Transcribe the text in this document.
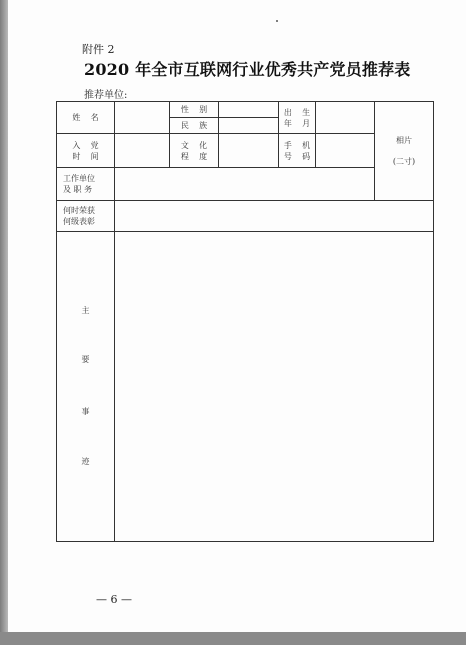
附件 2
2020 年全市互联网行业优秀共产党员推荐表
推荐单位:
姓    名
性    别
民    族
出    生
年    月
相片
(二寸)
入    党
时    间
文    化
程    度
手    机
号    码
工作单位
及 职 务
何时荣获
何级表彰
主
要
事
迹
— 6 —
